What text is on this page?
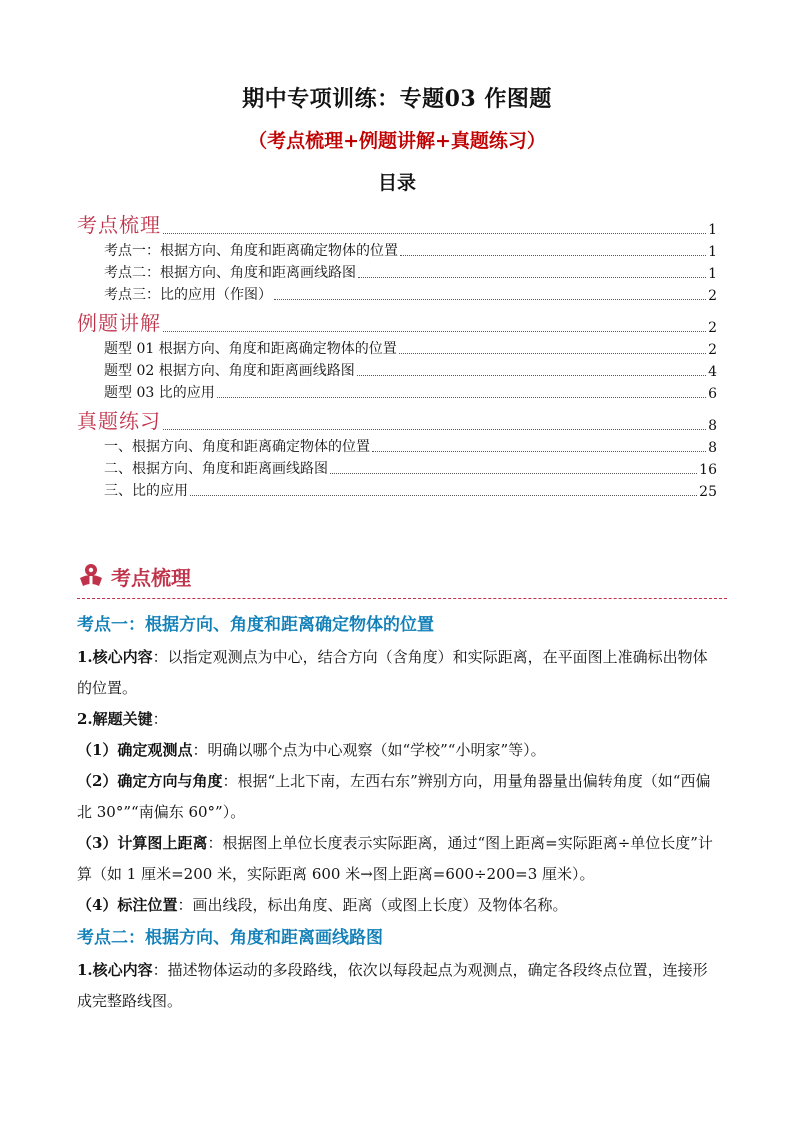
期中专项训练：专题03 作图题
（考点梳理+例题讲解+真题练习）
目录
考点梳理	1
考点一：根据方向、角度和距离确定物体的位置	1
考点二：根据方向、角度和距离画线路图	1
考点三：比的应用（作图）	2
例题讲解	2
题型 01 根据方向、角度和距离确定物体的位置	2
题型 02 根据方向、角度和距离画线路图	4
题型 03 比的应用	6
真题练习	8
一、根据方向、角度和距离确定物体的位置	8
二、根据方向、角度和距离画线路图	16
三、比的应用	25
考点梳理
考点一：根据方向、角度和距离确定物体的位置

1.核心内容：以指定观测点为中心，结合方向（含角度）和实际距离，在平面图上准确标出物体的位置。

2.解题关键：

（1）确定观测点：明确以哪个点为中心观察（如“学校”“小明家”等）。

（2）确定方向与角度：根据“上北下南，左西右东”辨别方向，用量角器量出偏转角度（如“西偏北 30°”“南偏东 60°”）。

（3）计算图上距离：根据图上单位长度表示实际距离，通过“图上距离=实际距离÷单位长度”计算（如 1 厘米=200 米，实际距离 600 米→图上距离=600÷200=3 厘米）。

（4）标注位置：画出线段，标出角度、距离（或图上长度）及物体名称。

考点二：根据方向、角度和距离画线路图

1.核心内容：描述物体运动的多段路线，依次以每段起点为观测点，确定各段终点位置，连接形成完整路线图。
